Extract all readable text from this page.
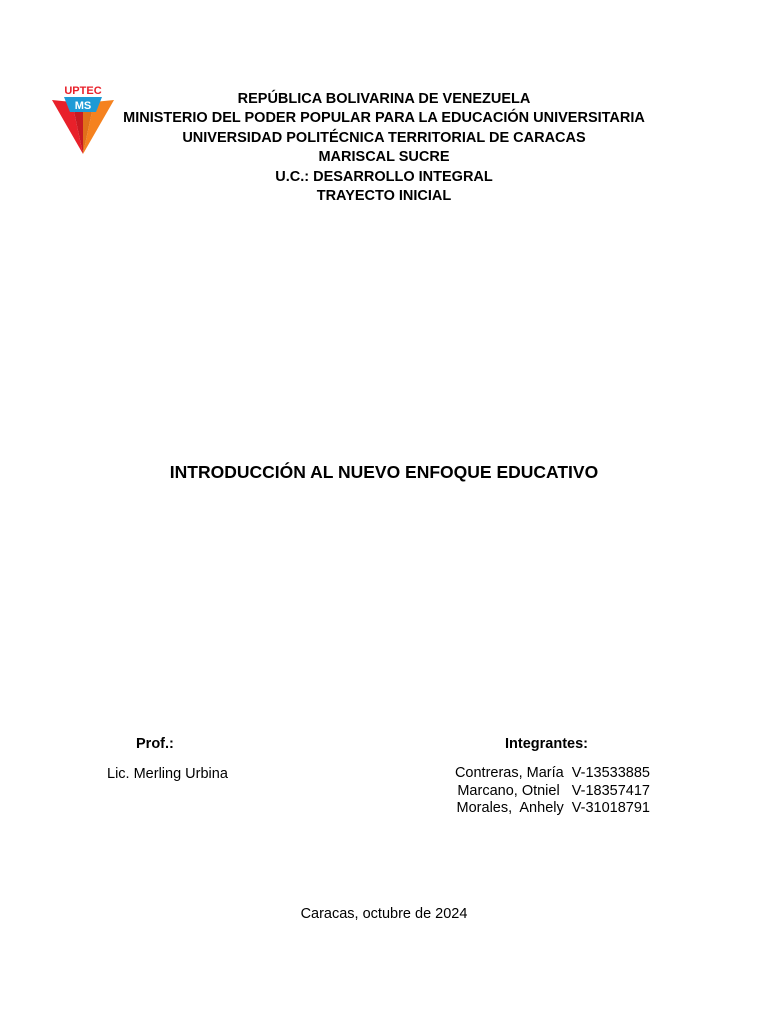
UPTEC
MS	REPÚBLICA BOLIVARINA DE VENEZUELA
MINISTERIO DEL PODER POPULAR PARA LA EDUCACIÓN UNIVERSITARIA
UNIVERSIDAD POLITÉCNICA TERRITORIAL DE CARACAS
MARISCAL SUCRE
U.C.: DESARROLLO INTEGRAL
TRAYECTO INICIAL
INTRODUCCIÓN AL NUEVO ENFOQUE EDUCATIVO
Prof.:
Lic. Merling Urbina
Integrantes:
Contreras, María  V-13533885
Marcano, Otniel   V-18357417
Morales,  Anhely  V-31018791
Caracas, octubre de 2024
